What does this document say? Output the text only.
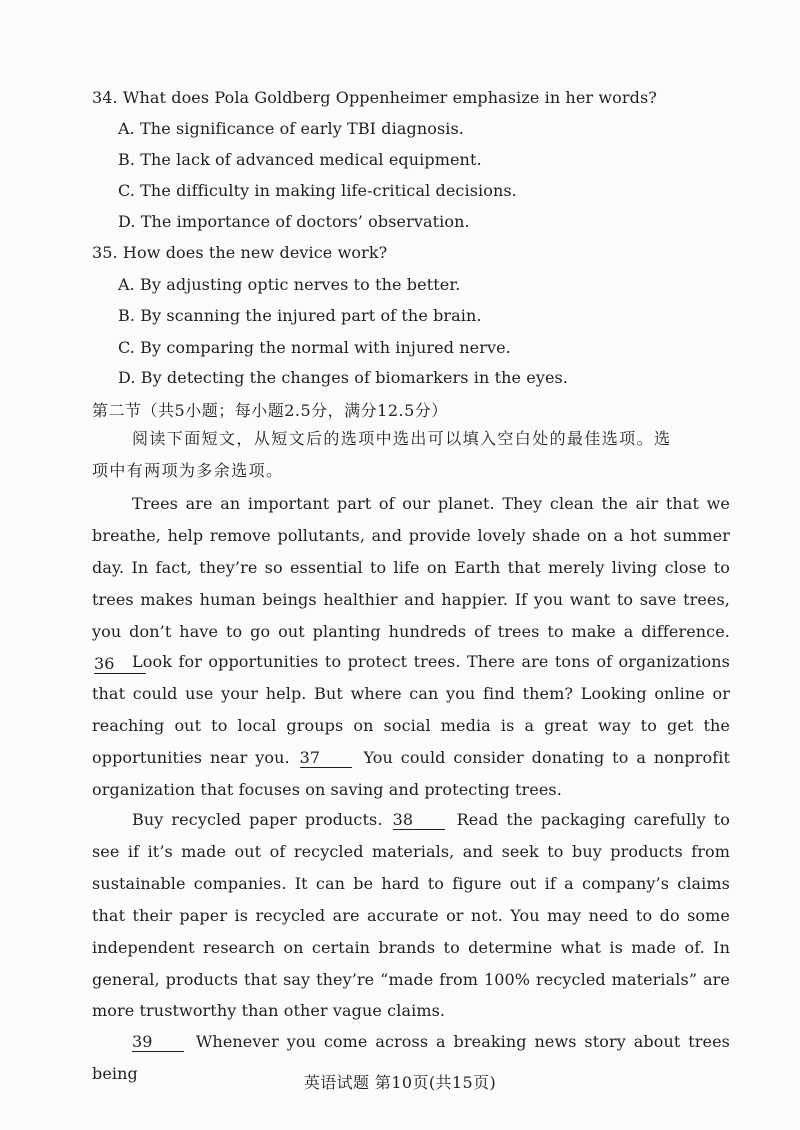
34. What does Pola Goldberg Oppenheimer emphasize in her words?
A. The significance of early TBI diagnosis.
B. The lack of advanced medical equipment.
C. The difficulty in making life-critical decisions.
D. The importance of doctors’ observation.
35. How does the new device work?
A. By adjusting optic nerves to the better.
B. By scanning the injured part of the brain.
C. By comparing the normal with injured nerve.
D. By detecting the changes of biomarkers in the eyes.
第二节（共5小题；每小题2.5分，满分12.5分）
阅读下面短文，从短文后的选项中选出可以填入空白处的最佳选项。选
项中有两项为多余选项。
Trees are an important part of our planet. They clean the air that we breathe, help remove pollutants, and provide lovely shade on a hot summer day. In fact, they’re so essential to life on Earth that merely living close to trees makes human beings healthier and happier. If you want to save trees, you don’t have to go out planting hundreds of trees to make a difference. 36	Look for opportunities to protect trees. There are tons of organizations that could use your help. But where can you find them? Looking online or reaching out to local groups on social media is a great way to get the opportunities near you. 37	You could consider donating to a nonprofit organization that focuses on saving and protecting trees.
Buy recycled paper products. 38	Read the packaging carefully to see if it’s made out of recycled materials, and seek to buy products from sustainable companies. It can be hard to figure out if a company’s claims that their paper is recycled are accurate or not. You may need to do some independent research on certain brands to determine what is made of. In general, products that say they’re “made from 100% recycled materials” are more trustworthy than other vague claims.
39	Whenever you come across a breaking news story about trees being	英语试题 第10页(共15页)
